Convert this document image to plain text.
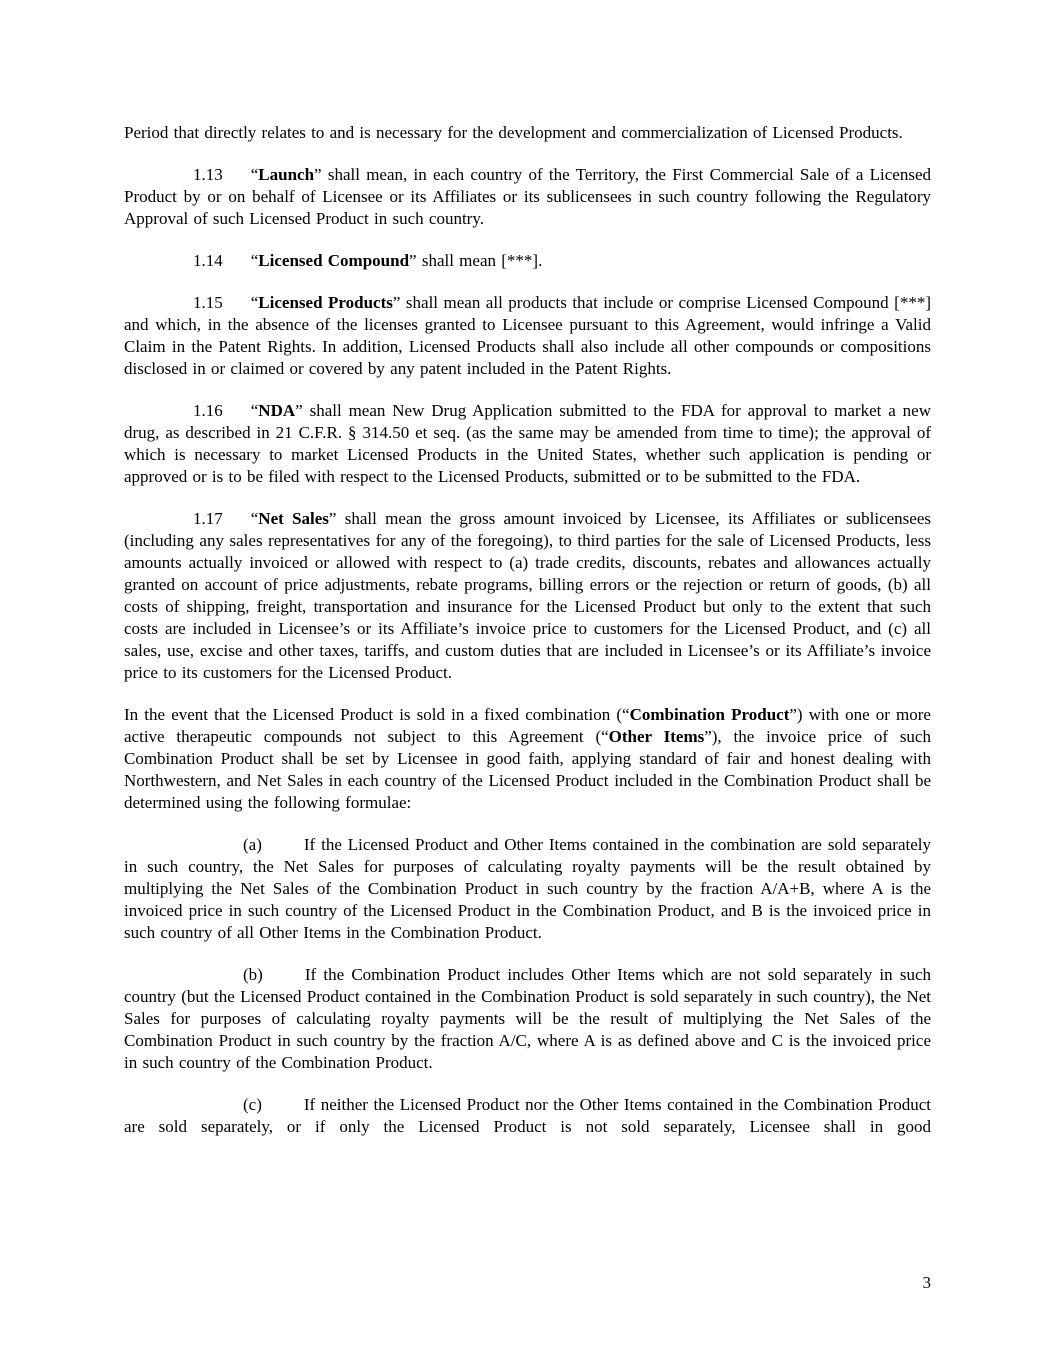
Period that directly relates to and is necessary for the development and commercialization of Licensed Products.

1.13 “Launch” shall mean, in each country of the Territory, the First Commercial Sale of a Licensed Product by or on behalf of Licensee or its Affiliates or its sublicensees in such country following the Regulatory Approval of such Licensed Product in such country.

1.14 “Licensed Compound” shall mean [***].

1.15 “Licensed Products” shall mean all products that include or comprise Licensed Compound [***] and which, in the absence of the licenses granted to Licensee pursuant to this Agreement, would infringe a Valid Claim in the Patent Rights. In addition, Licensed Products shall also include all other compounds or compositions disclosed in or claimed or covered by any patent included in the Patent Rights.

1.16 “NDA” shall mean New Drug Application submitted to the FDA for approval to market a new drug, as described in 21 C.F.R. § 314.50 et seq. (as the same may be amended from time to time); the approval of which is necessary to market Licensed Products in the United States, whether such application is pending or approved or is to be filed with respect to the Licensed Products, submitted or to be submitted to the FDA.

1.17 “Net Sales” shall mean the gross amount invoiced by Licensee, its Affiliates or sublicensees (including any sales representatives for any of the foregoing), to third parties for the sale of Licensed Products, less amounts actually invoiced or allowed with respect to (a) trade credits, discounts, rebates and allowances actually granted on account of price adjustments, rebate programs, billing errors or the rejection or return of goods, (b) all costs of shipping, freight, transportation and insurance for the Licensed Product but only to the extent that such costs are included in Licensee’s or its Affiliate’s invoice price to customers for the Licensed Product, and (c) all sales, use, excise and other taxes, tariffs, and custom duties that are included in Licensee’s or its Affiliate’s invoice price to its customers for the Licensed Product.

In the event that the Licensed Product is sold in a fixed combination (“Combination Product”) with one or more active therapeutic compounds not subject to this Agreement (“Other Items”), the invoice price of such Combination Product shall be set by Licensee in good faith, applying standard of fair and honest dealing with Northwestern, and Net Sales in each country of the Licensed Product included in the Combination Product shall be determined using the following formulae:

(a) If the Licensed Product and Other Items contained in the combination are sold separately in such country, the Net Sales for purposes of calculating royalty payments will be the result obtained by multiplying the Net Sales of the Combination Product in such country by the fraction A/A+B, where A is the invoiced price in such country of the Licensed Product in the Combination Product, and B is the invoiced price in such country of all Other Items in the Combination Product.

(b) If the Combination Product includes Other Items which are not sold separately in such country (but the Licensed Product contained in the Combination Product is sold separately in such country), the Net Sales for purposes of calculating royalty payments will be the result of multiplying the Net Sales of the Combination Product in such country by the fraction A/C, where A is as defined above and C is the invoiced price in such country of the Combination Product.

(c) If neither the Licensed Product nor the Other Items contained in the Combination Product are sold separately, or if only the Licensed Product is not sold separately, Licensee shall in good

3
